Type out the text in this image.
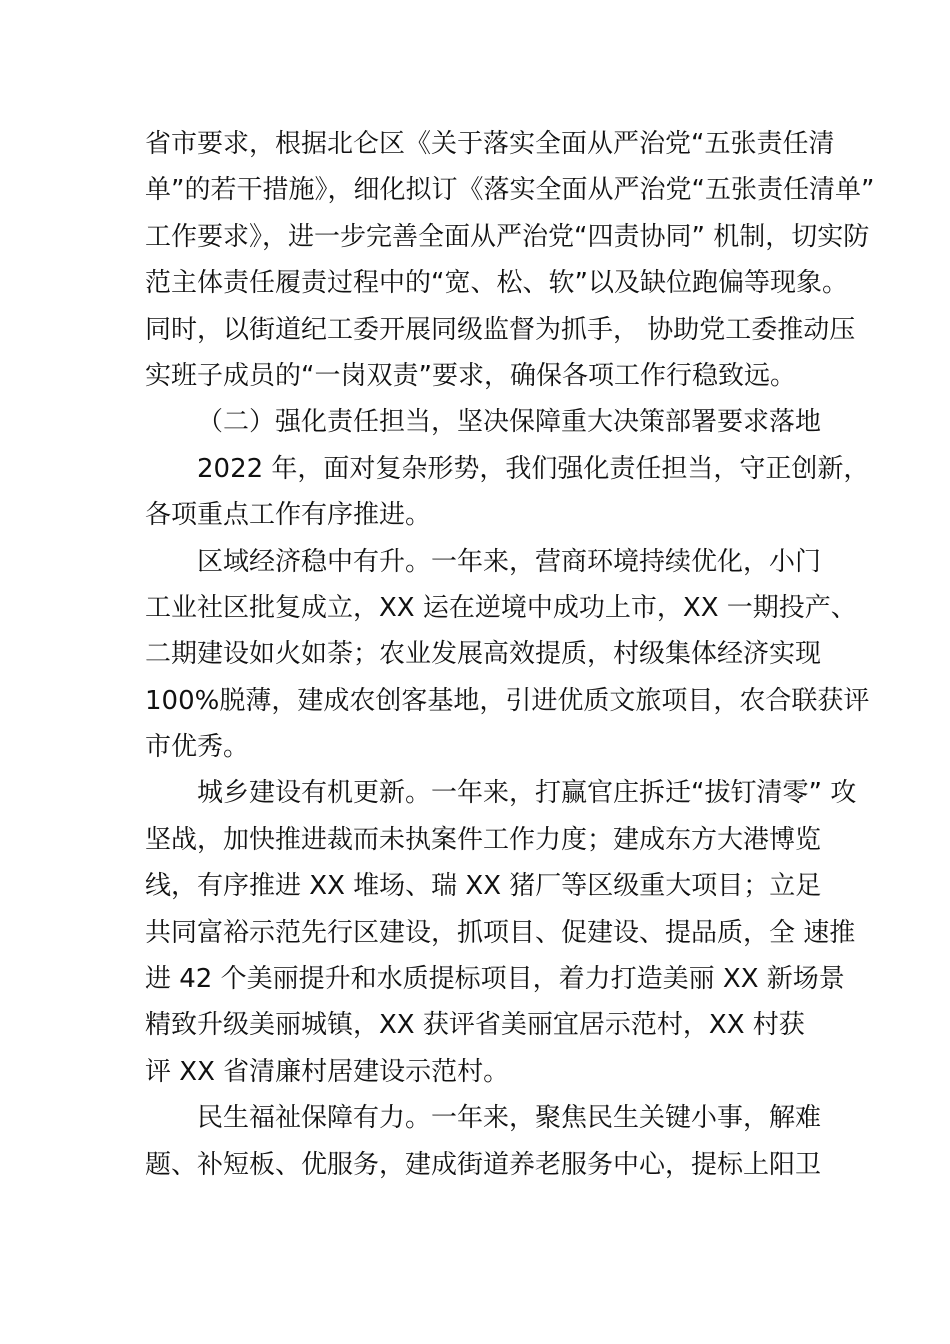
省市要求，根据北仑区《关于落实全面从严治党“五张责任清
单”的若干措施》，细化拟订《落实全面从严治党“五张责任清单”
工作要求》，进一步完善全面从严治党“四责协同” 机制，切实防
范主体责任履责过程中的“宽、松、软”以及缺位跑偏等现象。
同时，以街道纪工委开展同级监督为抓手， 协助党工委推动压
实班子成员的“一岗双责”要求，确保各项工作行稳致远。
（二）强化责任担当，坚决保障重大决策部署要求落地
2022 年，面对复杂形势，我们强化责任担当，守正创新，
各项重点工作有序推进。
区域经济稳中有升。一年来，营商环境持续优化，小门
工业社区批复成立，XX 运在逆境中成功上市，XX 一期投产、
二期建设如火如荼；农业发展高效提质，村级集体经济实现
100%脱薄，建成农创客基地，引进优质文旅项目，农合联获评
市优秀。
城乡建设有机更新。一年来，打赢官庄拆迁“拔钉清零” 攻
坚战，加快推进裁而未执案件工作力度；建成东方大港博览
线，有序推进 XX 堆场、瑞 XX 猪厂等区级重大项目；立足
共同富裕示范先行区建设，抓项目、促建设、提品质，全 速推
进 42 个美丽提升和水质提标项目，着力打造美丽 XX 新场景
精致升级美丽城镇，XX 获评省美丽宜居示范村，XX 村获
评 XX 省清廉村居建设示范村。
民生福祉保障有力。一年来，聚焦民生关键小事，解难
题、补短板、优服务，建成街道养老服务中心，提标上阳卫
